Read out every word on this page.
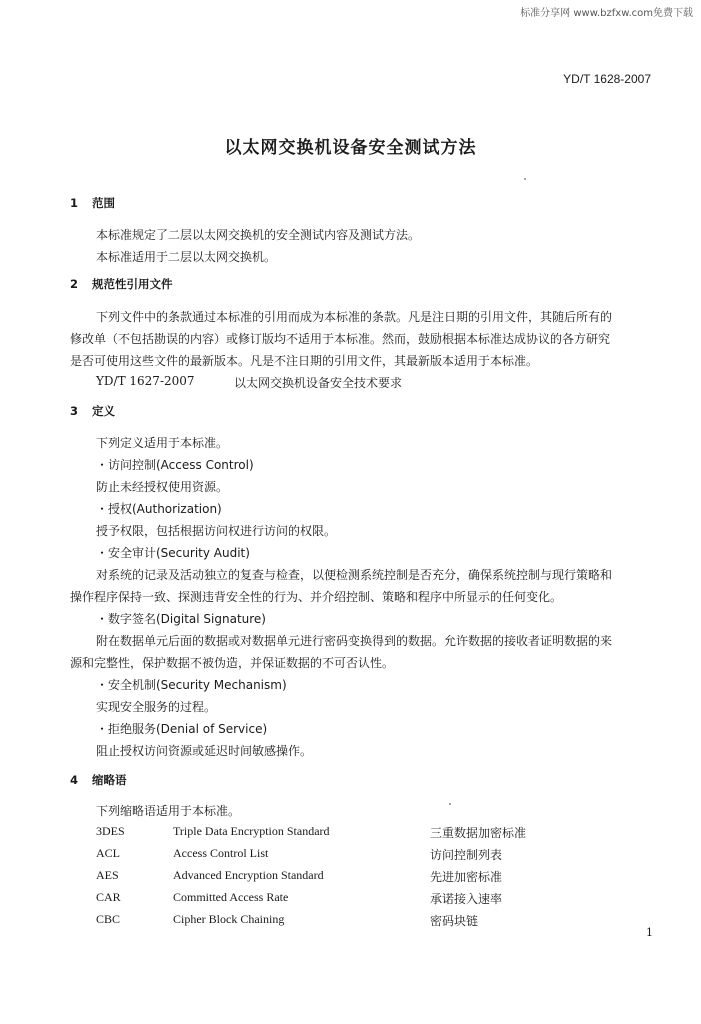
标准分享网 www.bzfxw.com免费下载
YD/T 1628-2007
以太网交换机设备安全测试方法
1 范围
本标准规定了二层以太网交换机的安全测试内容及测试方法。
本标准适用于二层以太网交换机。
2 规范性引用文件
下列文件中的条款通过本标准的引用而成为本标准的条款。凡是注日期的引用文件，其随后所有的
修改单（不包括勘误的内容）或修订版均不适用于本标准。然而，鼓励根据本标准达成协议的各方研究
是否可使用这些文件的最新版本。凡是不注日期的引用文件，其最新版本适用于本标准。
YD/T 1627-2007	以太网交换机设备安全技术要求
3 定义
下列定义适用于本标准。
・访问控制(Access Control)
防止未经授权使用资源。
・授权(Authorization)
授予权限，包括根据访问权进行访问的权限。
・安全审计(Security Audit)
对系统的记录及活动独立的复查与检查，以便检测系统控制是否充分，确保系统控制与现行策略和
操作程序保持一致、探测违背安全性的行为、并介绍控制、策略和程序中所显示的任何变化。
・数字签名(Digital Signature)
附在数据单元后面的数据或对数据单元进行密码变换得到的数据。允许数据的接收者证明数据的来
源和完整性，保护数据不被伪造，并保证数据的不可否认性。
・安全机制(Security Mechanism)
实现安全服务的过程。
・拒绝服务(Denial of Service)
阻止授权访问资源或延迟时间敏感操作。
4 缩略语
下列缩略语适用于本标准。
3DES	Triple Data Encryption Standard	三重数据加密标准
ACL	Access Control List	访问控制列表
AES	Advanced Encryption Standard	先进加密标准
CAR	Committed Access Rate	承诺接入速率
CBC	Cipher Block Chaining	密码块链
1
